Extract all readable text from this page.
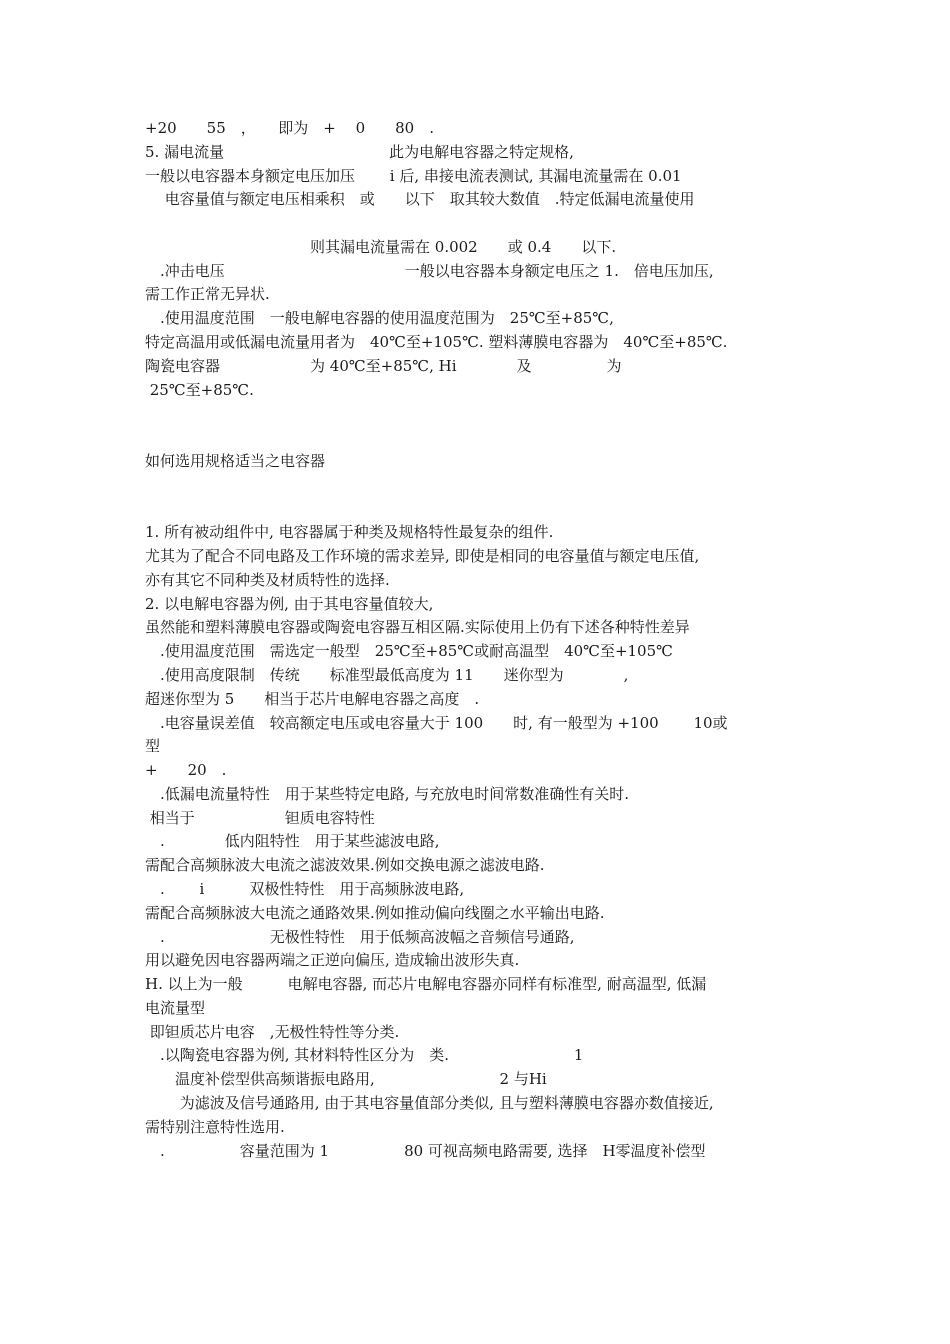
+20　　55　，　　即为　+　 0　　80　.
5. 漏电流量　　　　　　　　　　　此为电解电容器之特定规格,
一般以电容器本身额定电压加压　　 i 后, 串接电流表测试, 其漏电流量需在 0.01
　 电容量值与额定电压相乘积　或　　以下　取其较大数值　.特定低漏电流量使用
　　　　　　　　　　　则其漏电流量需在 0.002　　或 0.4　　以下.
　.冲击电压　　　　　　　　　　　　一般以电容器本身额定电压之 1.　倍电压加压,
需工作正常无异状.
　.使用温度范围　一般电解电容器的使用温度范围为　25℃至+85℃,
特定高温用或低漏电流量用者为　40℃至+105℃. 塑料薄膜电容器为　40℃至+85℃.
陶瓷电容器　　　　　　为 40℃至+85℃, Hi　　　　及　　　　　为
25℃至+85℃.
如何选用规格适当之电容器
1. 所有被动组件中, 电容器属于种类及规格特性最复杂的组件.
尤其为了配合不同电路及工作环境的需求差异, 即使是相同的电容量值与额定电压值,
亦有其它不同种类及材质特性的选择.
2. 以电解电容器为例, 由于其电容量值较大,
虽然能和塑料薄膜电容器或陶瓷电容器互相区隔.实际使用上仍有下述各种特性差异
　.使用温度范围　需选定一般型　25℃至+85℃或耐高温型　40℃至+105℃
　.使用高度限制　传统　　标准型最低高度为 11　　迷你型为　　　　,
超迷你型为 5　　相当于芯片电解电容器之高度　.
　.电容量误差值　较高额定电压或电容量大于 100　　时, 有一般型为 +100　　 10或
型
+　　20　.
　.低漏电流量特性　用于某些特定电路, 与充放电时间常数准确性有关时.
相当于　　　　　　钽质电容特性
　.　　　　低内阻特性　用于某些滤波电路,
需配合高频脉波大电流之滤波效果.例如交换电源之滤波电路.
　.　　 i　　　双极性特性　用于高频脉波电路,
需配合高频脉波大电流之通路效果.例如推动偏向线圈之水平输出电路.
　.　　　　　　　无极性特性　用于低频高波幅之音频信号通路,
用以避免因电容器两端之正逆向偏压, 造成输出波形失真.
H. 以上为一般　　　电解电容器, 而芯片电解电容器亦同样有标准型, 耐高温型, 低漏
电流量型
即钽质芯片电容　,无极性特性等分类.
　.以陶瓷电容器为例, 其材料特性区分为　类.　　　　　　　　 1
　　温度补偿型供高频谐振电路用,　　　　　　　　 2 与Hi
　　 为滤波及信号通路用, 由于其电容量值部分类似, 且与塑料薄膜电容器亦数值接近,
需特别注意特性选用.
　.　　　　　容量范围为 1　　　　　80 可视高频电路需要, 选择　H零温度补偿型
